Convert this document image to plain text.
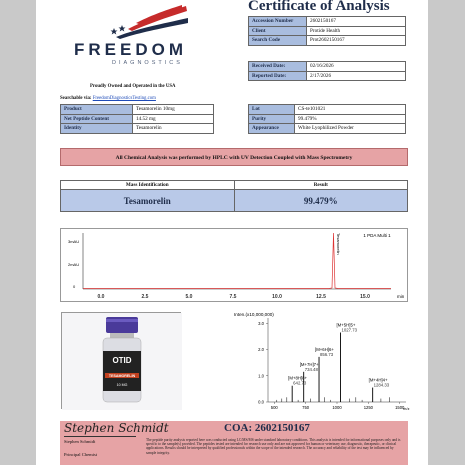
FREEDOM
DIAGNOSTICS
Proudly Owned and Operated in the USA
Searchable via: FreedomDiagnosticsTesting.com
Certificate of Analysis
Accession Number	2602150167
Client	Protide Health
Search Code	Prot2602150167
Received Date:	02/16/2026
Reported Date:	2/17/2026
Product	Tesamorelin 10mg
Net Peptide Content	14.52 mg
Identity	Tesamorelin
Lot	CS-te101021
Purity	99.479%
Appearance	White Lyophilized Powder
All Chemical Analysis was performed by HPLC with UV Detection Coupled with Mass Spectrometry
Mass Identification	Result
Tesamorelin	99.479%
1 PDA Multi 1
3mAU
2mAU
0
Tesamorelin
0.0	2.5	5.0	7.5	10.0	12.5	15.0	min
OTID
TESAMORELIN
10 MG
Inten.(x10,000,000)
3.0
2.0
1.0
0.0
500	750	1000	1250	1500
[M+8H]8+
642.73
[M+7H]7+
734.48
[M+6H]6+
856.73
[M+5H]5+
1027.73
[M+4H]4+
1284.33
m/z
Stephen Schmidt
Stephen Schmidt
Principal Chemist
COA: 2602150167
The peptide purity analysis reported here was conducted using LC/MS/MS under standard laboratory conditions. This analysis is intended for informational purposes only and is specific to the sample(s) provided. The peptides tested are intended for research use only and are not approved for human or veterinary use, diagnostic, therapeutic, or clinical applications. Results should be interpreted by qualified professionals within the scope of the intended research. The accuracy and reliability of the test may be influenced by sample integrity.
